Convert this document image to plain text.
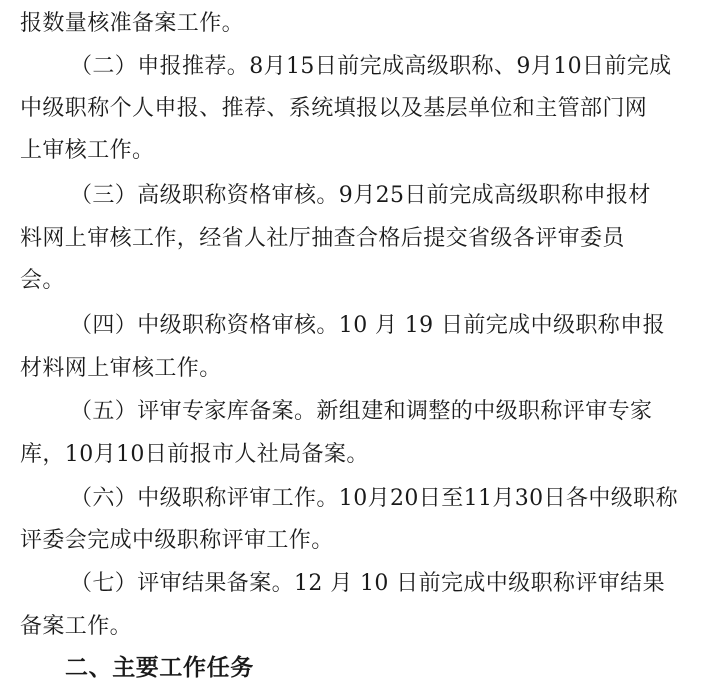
报数量核准备案工作。
（二）申报推荐。8月15日前完成高级职称、9月10日前完成
中级职称个人申报、推荐、系统填报以及基层单位和主管部门网
上审核工作。
（三）高级职称资格审核。9月25日前完成高级职称申报材
料网上审核工作，经省人社厅抽查合格后提交省级各评审委员
会。
（四）中级职称资格审核。10 月 19 日前完成中级职称申报
材料网上审核工作。
（五）评审专家库备案。新组建和调整的中级职称评审专家
库，10月10日前报市人社局备案。
（六）中级职称评审工作。10月20日至11月30日各中级职称
评委会完成中级职称评审工作。
（七）评审结果备案。12 月 10 日前完成中级职称评审结果
备案工作。
二、主要工作任务
